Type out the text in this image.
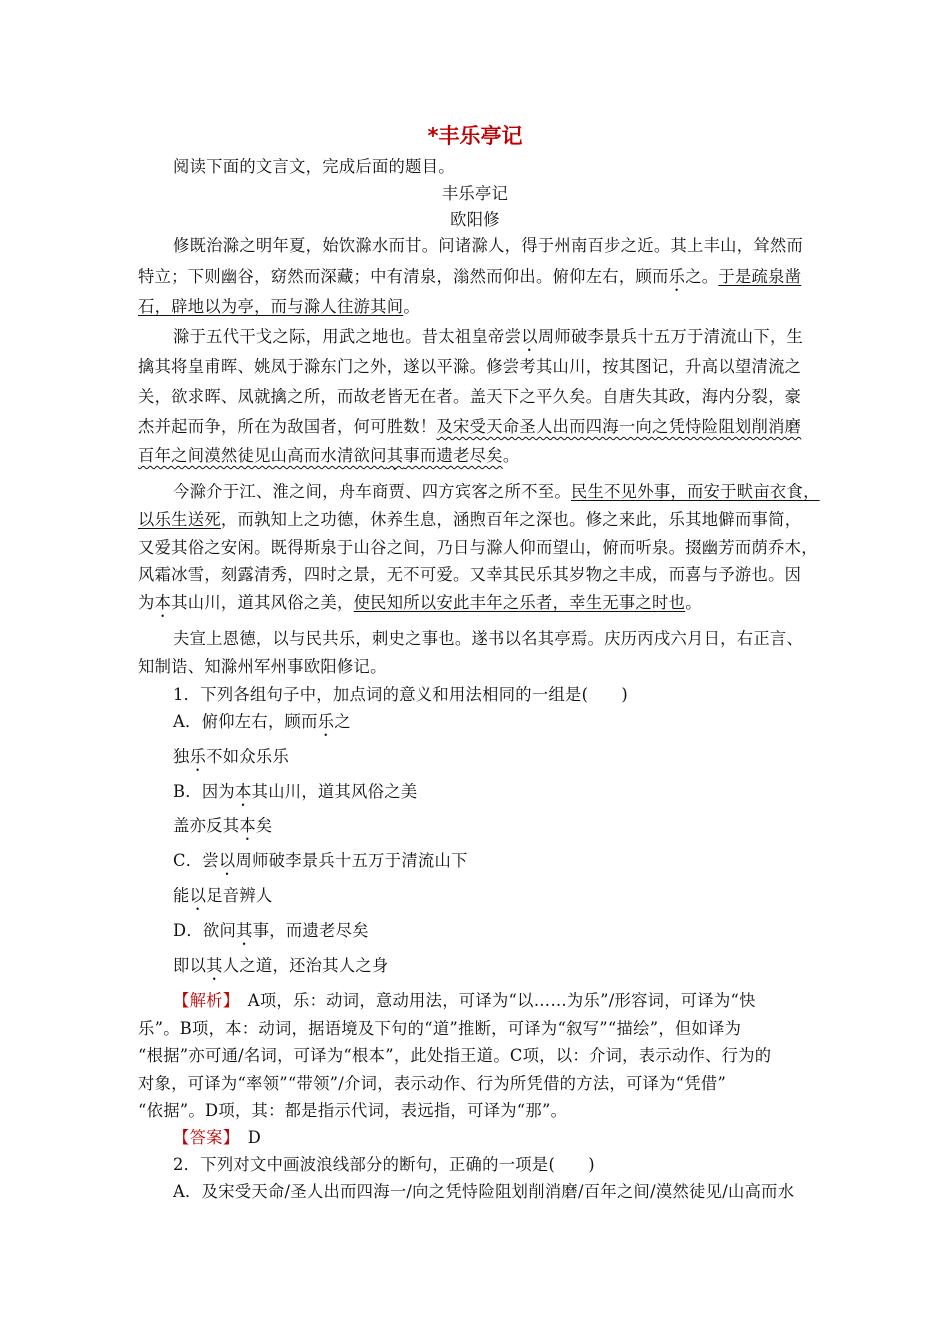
*丰乐亭记
阅读下面的文言文，完成后面的题目。
丰乐亭记
欧阳修
修既治滁之明年夏，始饮滁水而甘。问诸滁人，得于州南百步之近。其上丰山，耸然而
特立；下则幽谷，窈然而深藏；中有清泉，滃然而仰出。俯仰左右，顾而乐之。于是疏泉凿
石，辟地以为亭，而与滁人往游其间。
滁于五代干戈之际，用武之地也。昔太祖皇帝尝以周师破李景兵十五万于清流山下，生
擒其将皇甫晖、姚凤于滁东门之外，遂以平滁。修尝考其山川，按其图记，升高以望清流之
关，欲求晖、凤就擒之所，而故老皆无在者。盖天下之平久矣。自唐失其政，海内分裂，豪
杰并起而争，所在为敌国者，何可胜数！及宋受天命圣人出而四海一向之凭恃险阻划削消磨
百年之间漠然徒见山高而水清欲问其事而遗老尽矣。
今滁介于江、淮之间，舟车商贾、四方宾客之所不至。民生不见外事，而安于畎亩衣食，
以乐生送死，而孰知上之功德，休养生息，涵煦百年之深也。修之来此，乐其地僻而事简，
又爱其俗之安闲。既得斯泉于山谷之间，乃日与滁人仰而望山，俯而听泉。掇幽芳而荫乔木，
风霜冰雪，刻露清秀，四时之景，无不可爱。又幸其民乐其岁物之丰成，而喜与予游也。因
为本其山川，道其风俗之美，使民知所以安此丰年之乐者，幸生无事之时也。
夫宣上恩德，以与民共乐，刺史之事也。遂书以名其亭焉。庆历丙戌六月日，右正言、
知制诰、知滁州军州事欧阳修记。
1．下列各组句子中，加点词的意义和用法相同的一组是(　　)
A．俯仰左右，顾而乐之
独乐不如众乐乐
B．因为本其山川，道其风俗之美
盖亦反其本矣
C．尝以周师破李景兵十五万于清流山下
能以足音辨人
D．欲问其事，而遗老尽矣
即以其人之道，还治其人之身
【解析】　A项，乐：动词，意动用法，可译为“以……为乐”/形容词，可译为“快
乐”。B项，本：动词，据语境及下句的“道”推断，可译为“叙写”“描绘”，但如译为
“根据”亦可通/名词，可译为“根本”，此处指王道。C项，以：介词，表示动作、行为的
对象，可译为“率领”“带领”/介词，表示动作、行为所凭借的方法，可译为“凭借”
“依据”。D项，其：都是指示代词，表远指，可译为“那”。
【答案】　D
2．下列对文中画波浪线部分的断句，正确的一项是(　　)
A．及宋受天命/圣人出而四海一/向之凭恃险阻划削消磨/百年之间/漠然徒见/山高而水
